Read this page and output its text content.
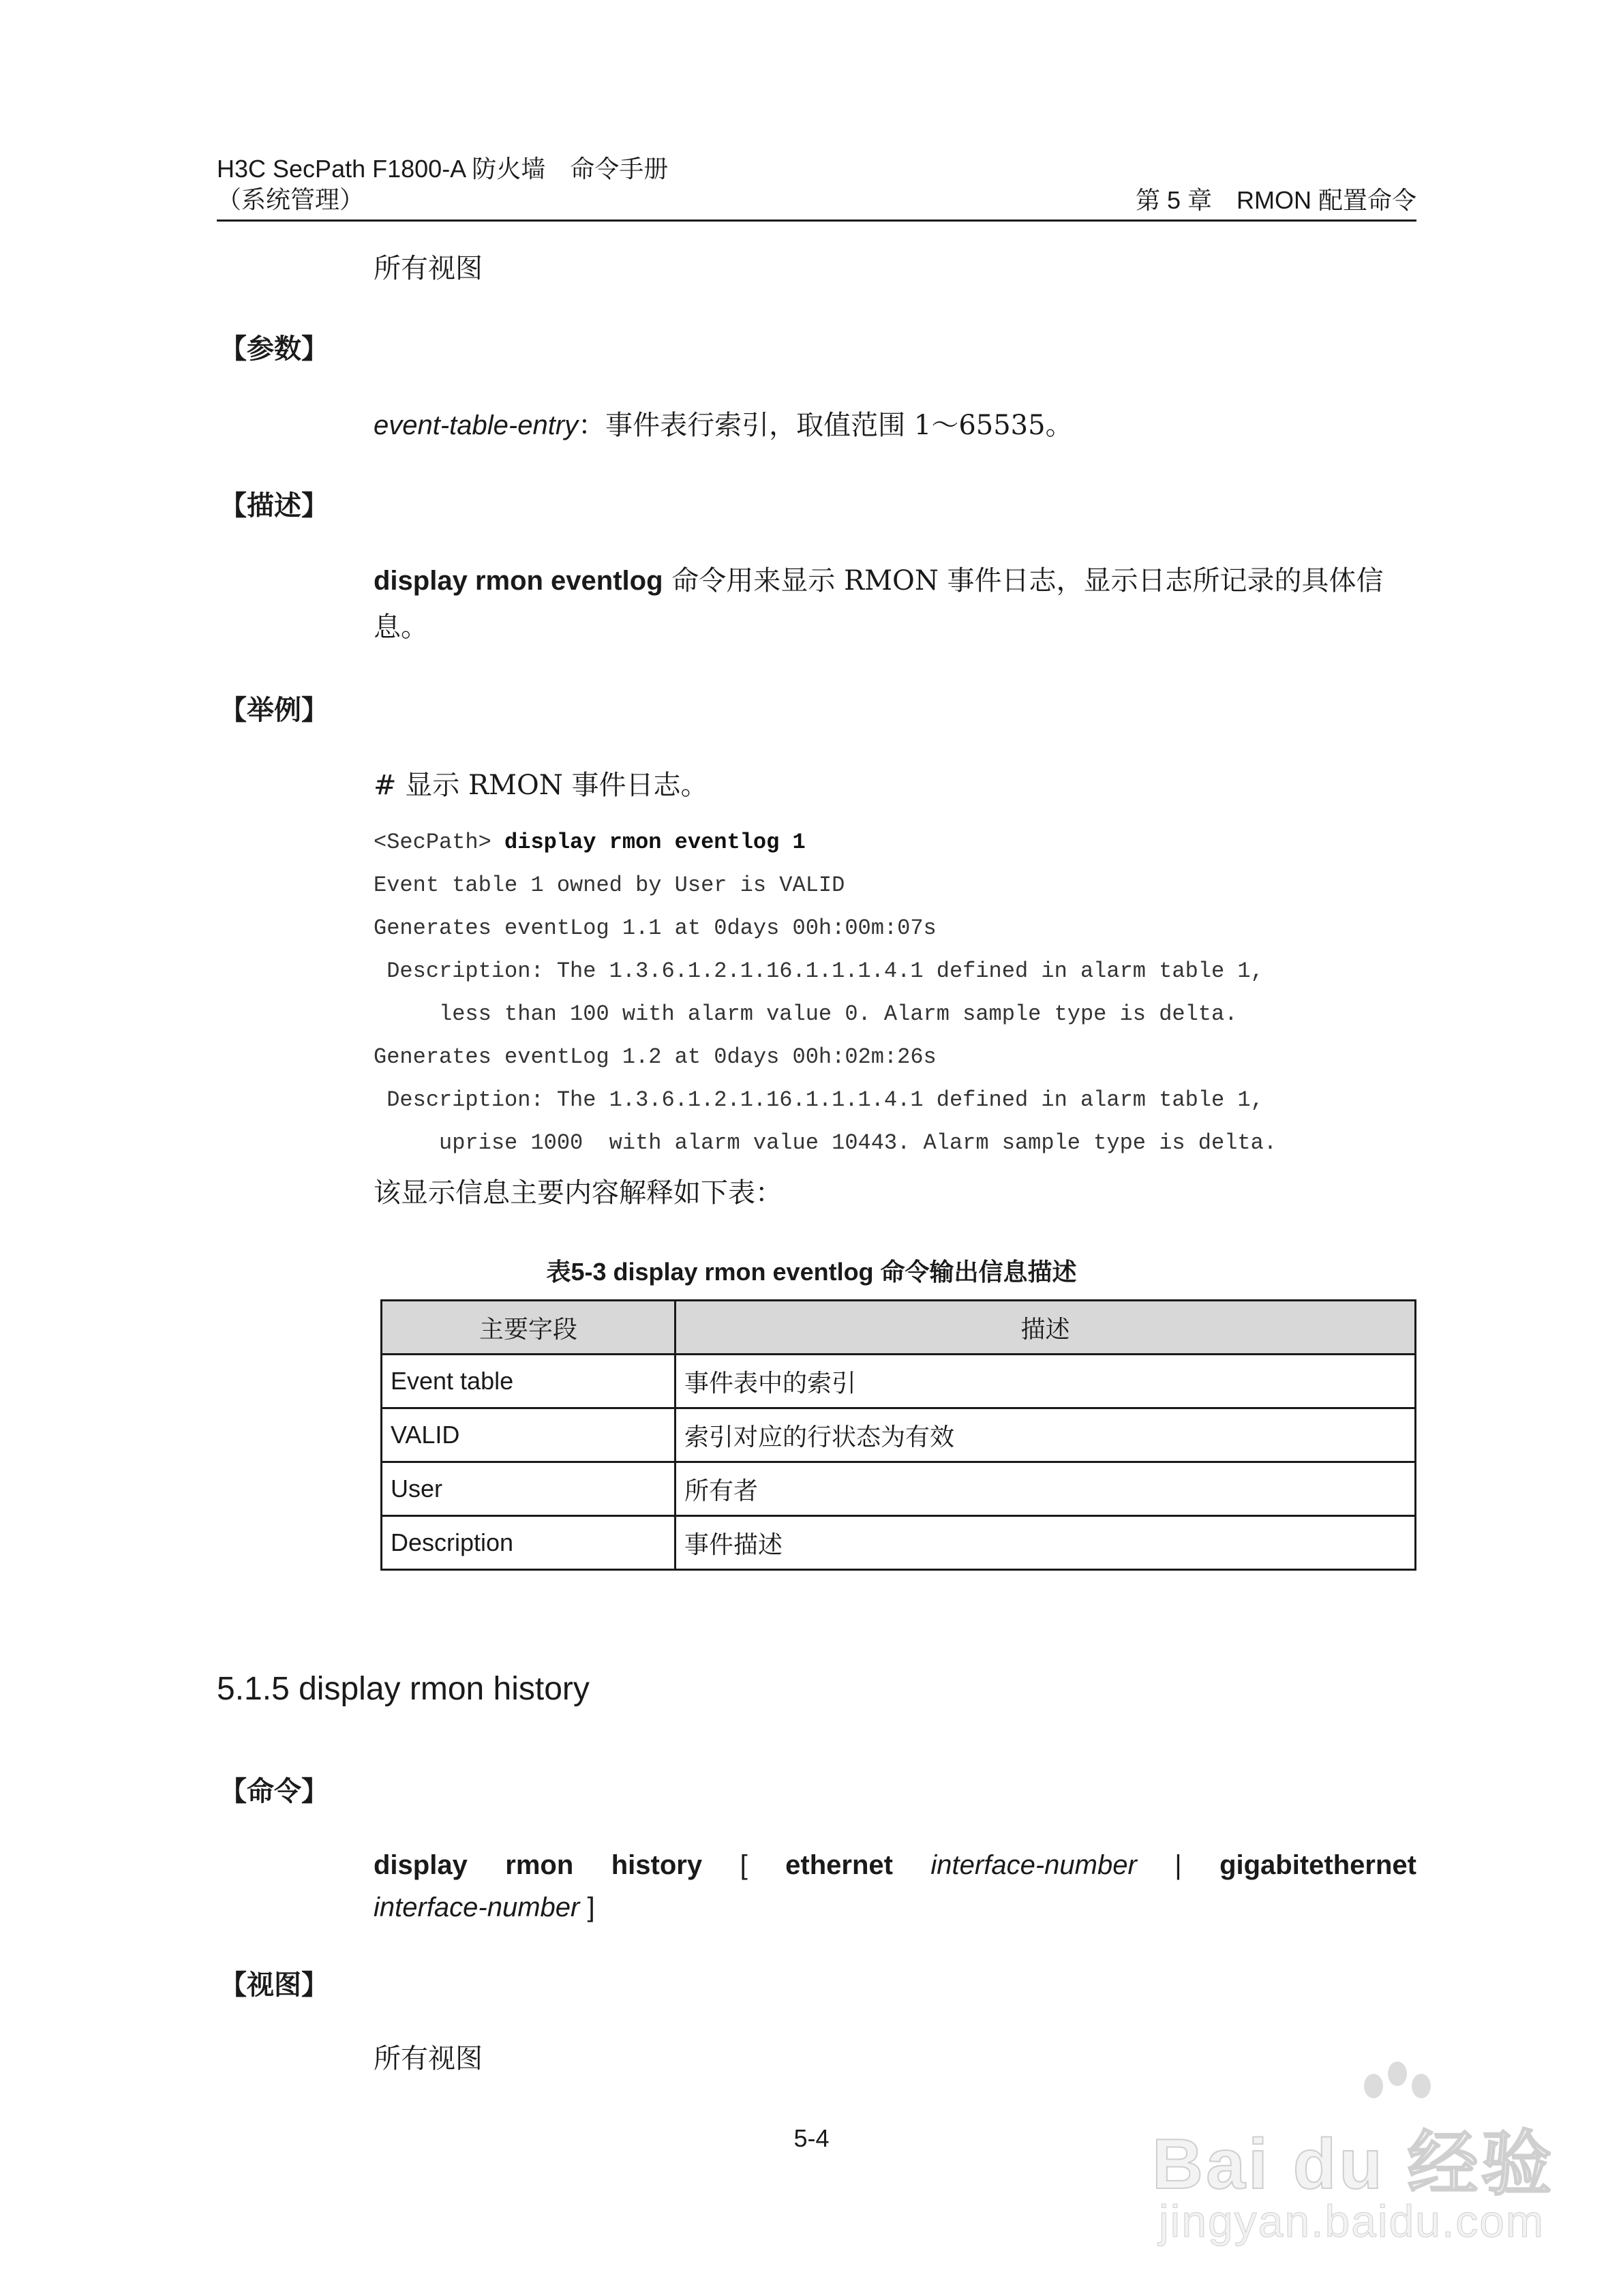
H3C SecPath F1800-A 防火墙　命令手册
（系统管理）	第 5 章　RMON 配置命令
所有视图
【参数】
event-table-entry：事件表行索引，取值范围 1～65535。
【描述】
display rmon eventlog 命令用来显示 RMON 事件日志，显示日志所记录的具体信
息。
【举例】
# 显示 RMON 事件日志。
<SecPath> display rmon eventlog 1
Event table 1 owned by User is VALID
Generates eventLog 1.1 at 0days 00h:00m:07s
Description: The 1.3.6.1.2.1.16.1.1.1.4.1 defined in alarm table 1,
less than 100 with alarm value 0. Alarm sample type is delta.
Generates eventLog 1.2 at 0days 00h:02m:26s
Description: The 1.3.6.1.2.1.16.1.1.1.4.1 defined in alarm table 1,
uprise 1000  with alarm value 10443. Alarm sample type is delta.
该显示信息主要内容解释如下表：
表5-3 display rmon eventlog 命令输出信息描述
主要字段	描述
Event table	事件表中的索引
VALID	索引对应的行状态为有效
User	所有者
Description	事件描述
5.1.5 display rmon history
【命令】
display rmon history [ ethernet interface-number | gigabitethernet
interface-number ]
【视图】
所有视图
5-4	Bai du 经验
jingyan.baidu.com
